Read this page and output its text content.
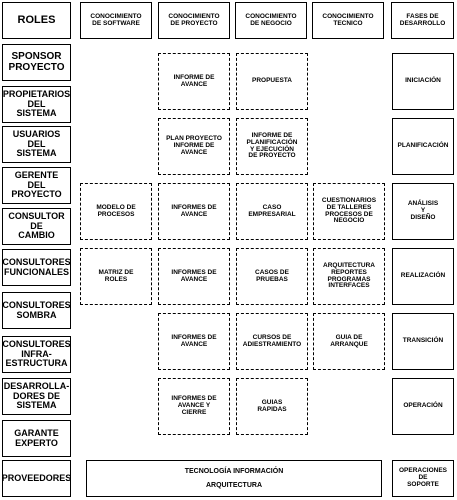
ROLES	CONOCIMIENTO
DE SOFTWARE
CONOCIMIENTO
DE PROYECTO
CONOCIMIENTO
DE NEGOCIO
CONOCIMIENTO
TECNICO
FASES DE
DESARROLLO
SPONSOR
PROYECTO
PROPIETARIOS
DEL
SISTEMA
USUARIOS
DEL
SISTEMA
GERENTE
DEL
PROYECTO
CONSULTOR
DE
CAMBIO
CONSULTORES
FUNCIONALES
CONSULTORES
SOMBRA
CONSULTORES
INFRA-
ESTRUCTURA
DESARROLLA-
DORES DE
SISTEMA
GARANTE
EXPERTO
PROVEEDORES
INICIACIÓN
PLANIFICACIÓN
ANÁLISIS
Y
DISEÑO
REALIZACIÓN
TRANSICIÓN
OPERACIÓN
OPERACIONES
DE
SOPORTE
INFORME DE
AVANCE	PROPUESTA
PLAN PROYECTO
INFORME DE
AVANCE
INFORME DE
PLANIFICACIÓN
Y EJECUCIÓN
DE PROYECTO
MODELO DE
PROCESOS
INFORMES DE
AVANCE
CASO
EMPRESARIAL
CUESTIONARIOS
DE TALLERES
PROCESOS DE
NEGOCIO
MATRIZ DE
ROLES
INFORMES DE
AVANCE
CASOS DE
PRUEBAS
ARQUITECTURA
REPORTES
PROGRAMAS
INTERFACES
INFORMES DE
AVANCE
CURSOS DE
ADIESTRAMIENTO
GUIA DE
ARRANQUE
INFORMES DE
AVANCE Y
CIERRE
GUIAS
RAPIDAS
TECNOLOGÍA INFORMACIÓN
ARQUITECTURA
